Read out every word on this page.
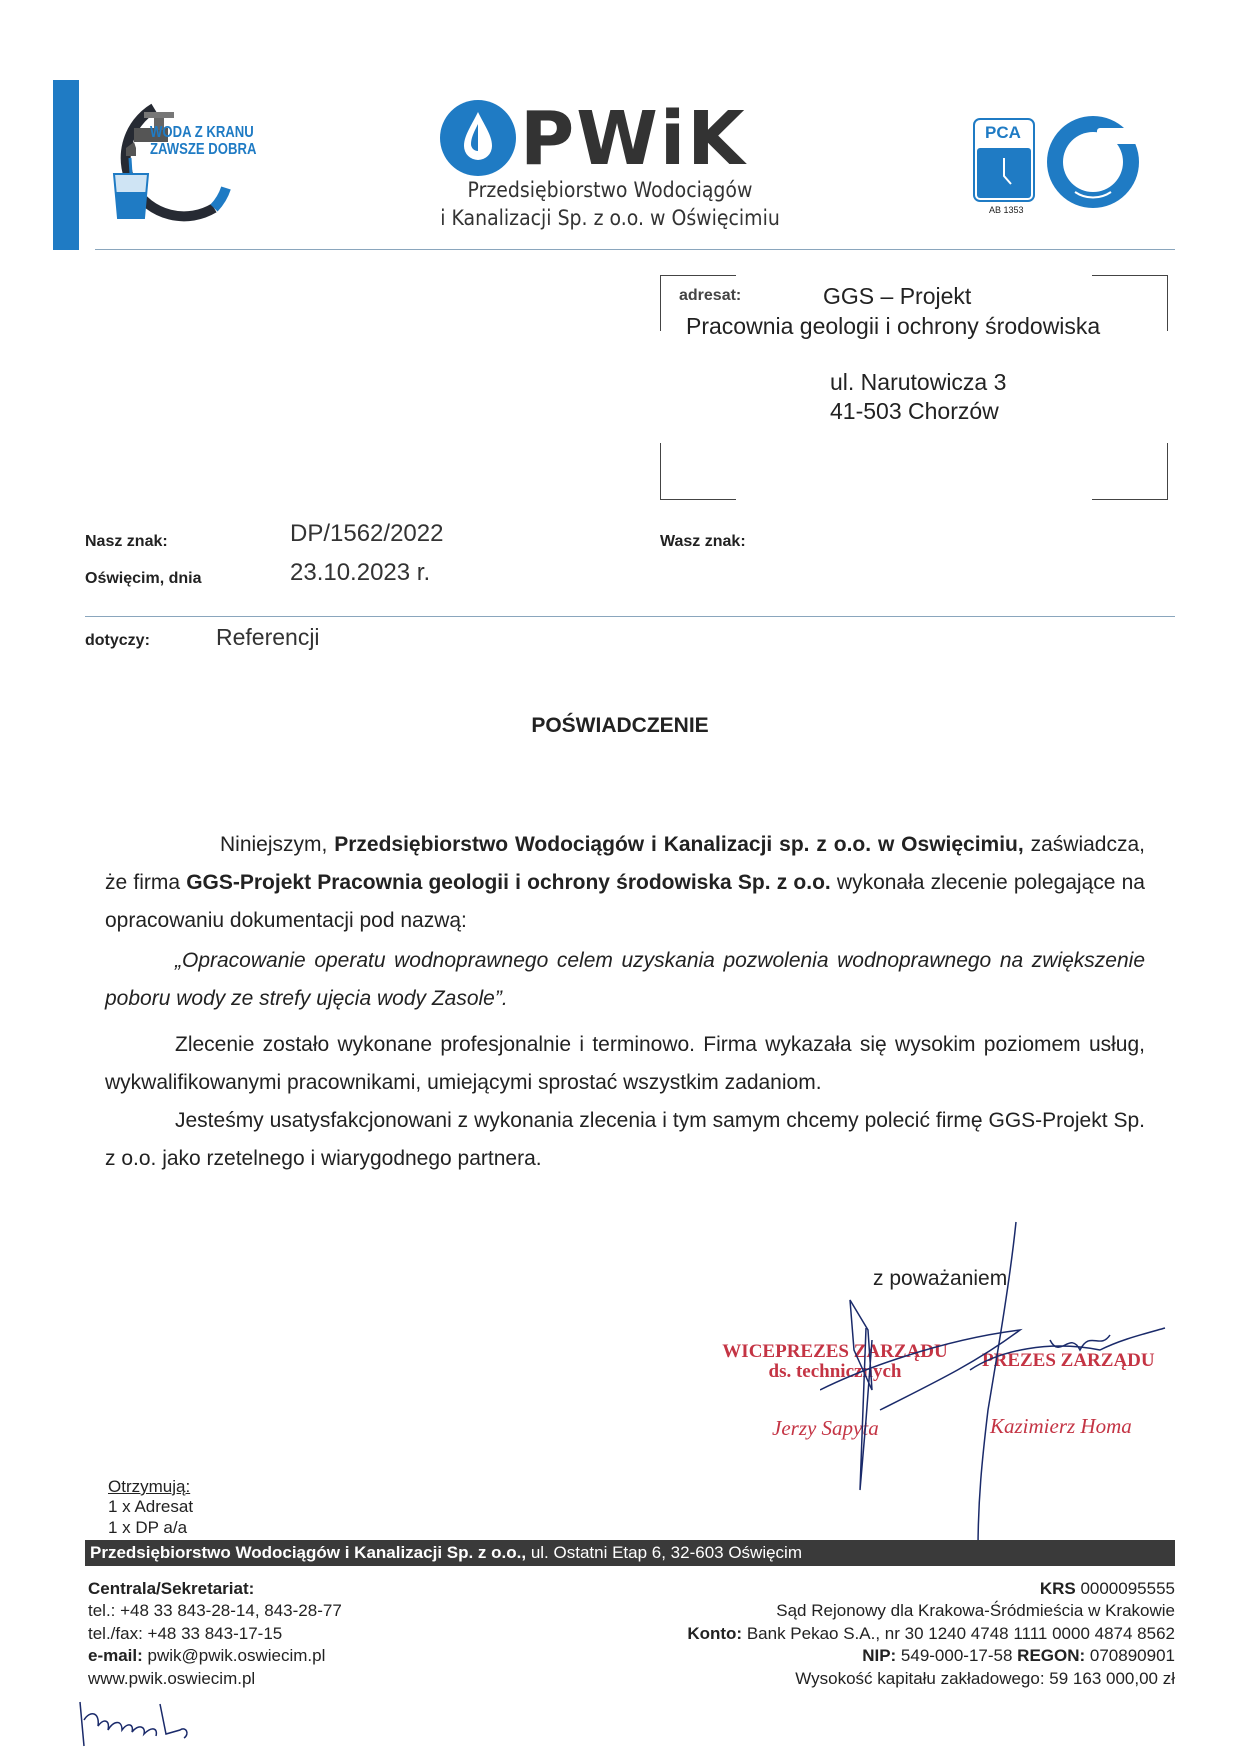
WODA Z KRANU
ZAWSZE DOBRA	PWiK
Przedsiębiorstwo Wodociągów
i Kanalizacji Sp. z o.o. w Oświęcimiu
PCA
AB 1353
adresat:	GGS – Projekt
Pracownia geologii i ochrony środowiska
ul. Narutowicza 3
41-503 Chorzów
Nasz znak:	DP/1562/2022
Oświęcim, dnia	23.10.2023 r.
Wasz znak:
dotyczy:	Referencji
POŚWIADCZENIE
Niniejszym, Przedsiębiorstwo Wodociągów i Kanalizacji sp. z o.o. w Oswięcimiu, zaświadcza, że firma GGS-Projekt Pracownia geologii i ochrony środowiska Sp. z o.o. wykonała zlecenie polegające na opracowaniu dokumentacji pod nazwą:
„Opracowanie operatu wodnoprawnego celem uzyskania pozwolenia wodnoprawnego na zwiększenie poboru wody ze strefy ujęcia wody Zasole”.
Zlecenie zostało wykonane profesjonalnie i terminowo. Firma wykazała się wysokim poziomem usług, wykwalifikowanymi pracownikami, umiejącymi sprostać wszystkim zadaniom.
Jesteśmy usatysfakcjonowani z wykonania zlecenia i tym samym chcemy polecić firmę GGS-Projekt Sp. z o.o. jako rzetelnego i wiarygodnego partnera.
z poważaniem
WICEPREZES ZARZĄDU
ds. technicznych
Jerzy Sapyta
PREZES ZARZĄDU
Kazimierz Homa
Otrzymują:
1 x Adresat
1 x DP a/a
Przedsiębiorstwo Wodociągów i Kanalizacji Sp. z o.o., ul. Ostatni Etap 6, 32-603 Oświęcim
Centrala/Sekretariat:
tel.: +48 33 843-28-14, 843-28-77
tel./fax: +48 33 843-17-15
e-mail: pwik@pwik.oswiecim.pl
www.pwik.oswiecim.pl
KRS 0000095555
Sąd Rejonowy dla Krakowa-Śródmieścia w Krakowie
Konto: Bank Pekao S.A., nr 30 1240 4748 1111 0000 4874 8562
NIP: 549-000-17-58 REGON: 070890901
Wysokość kapitału zakładowego: 59 163 000,00 zł
